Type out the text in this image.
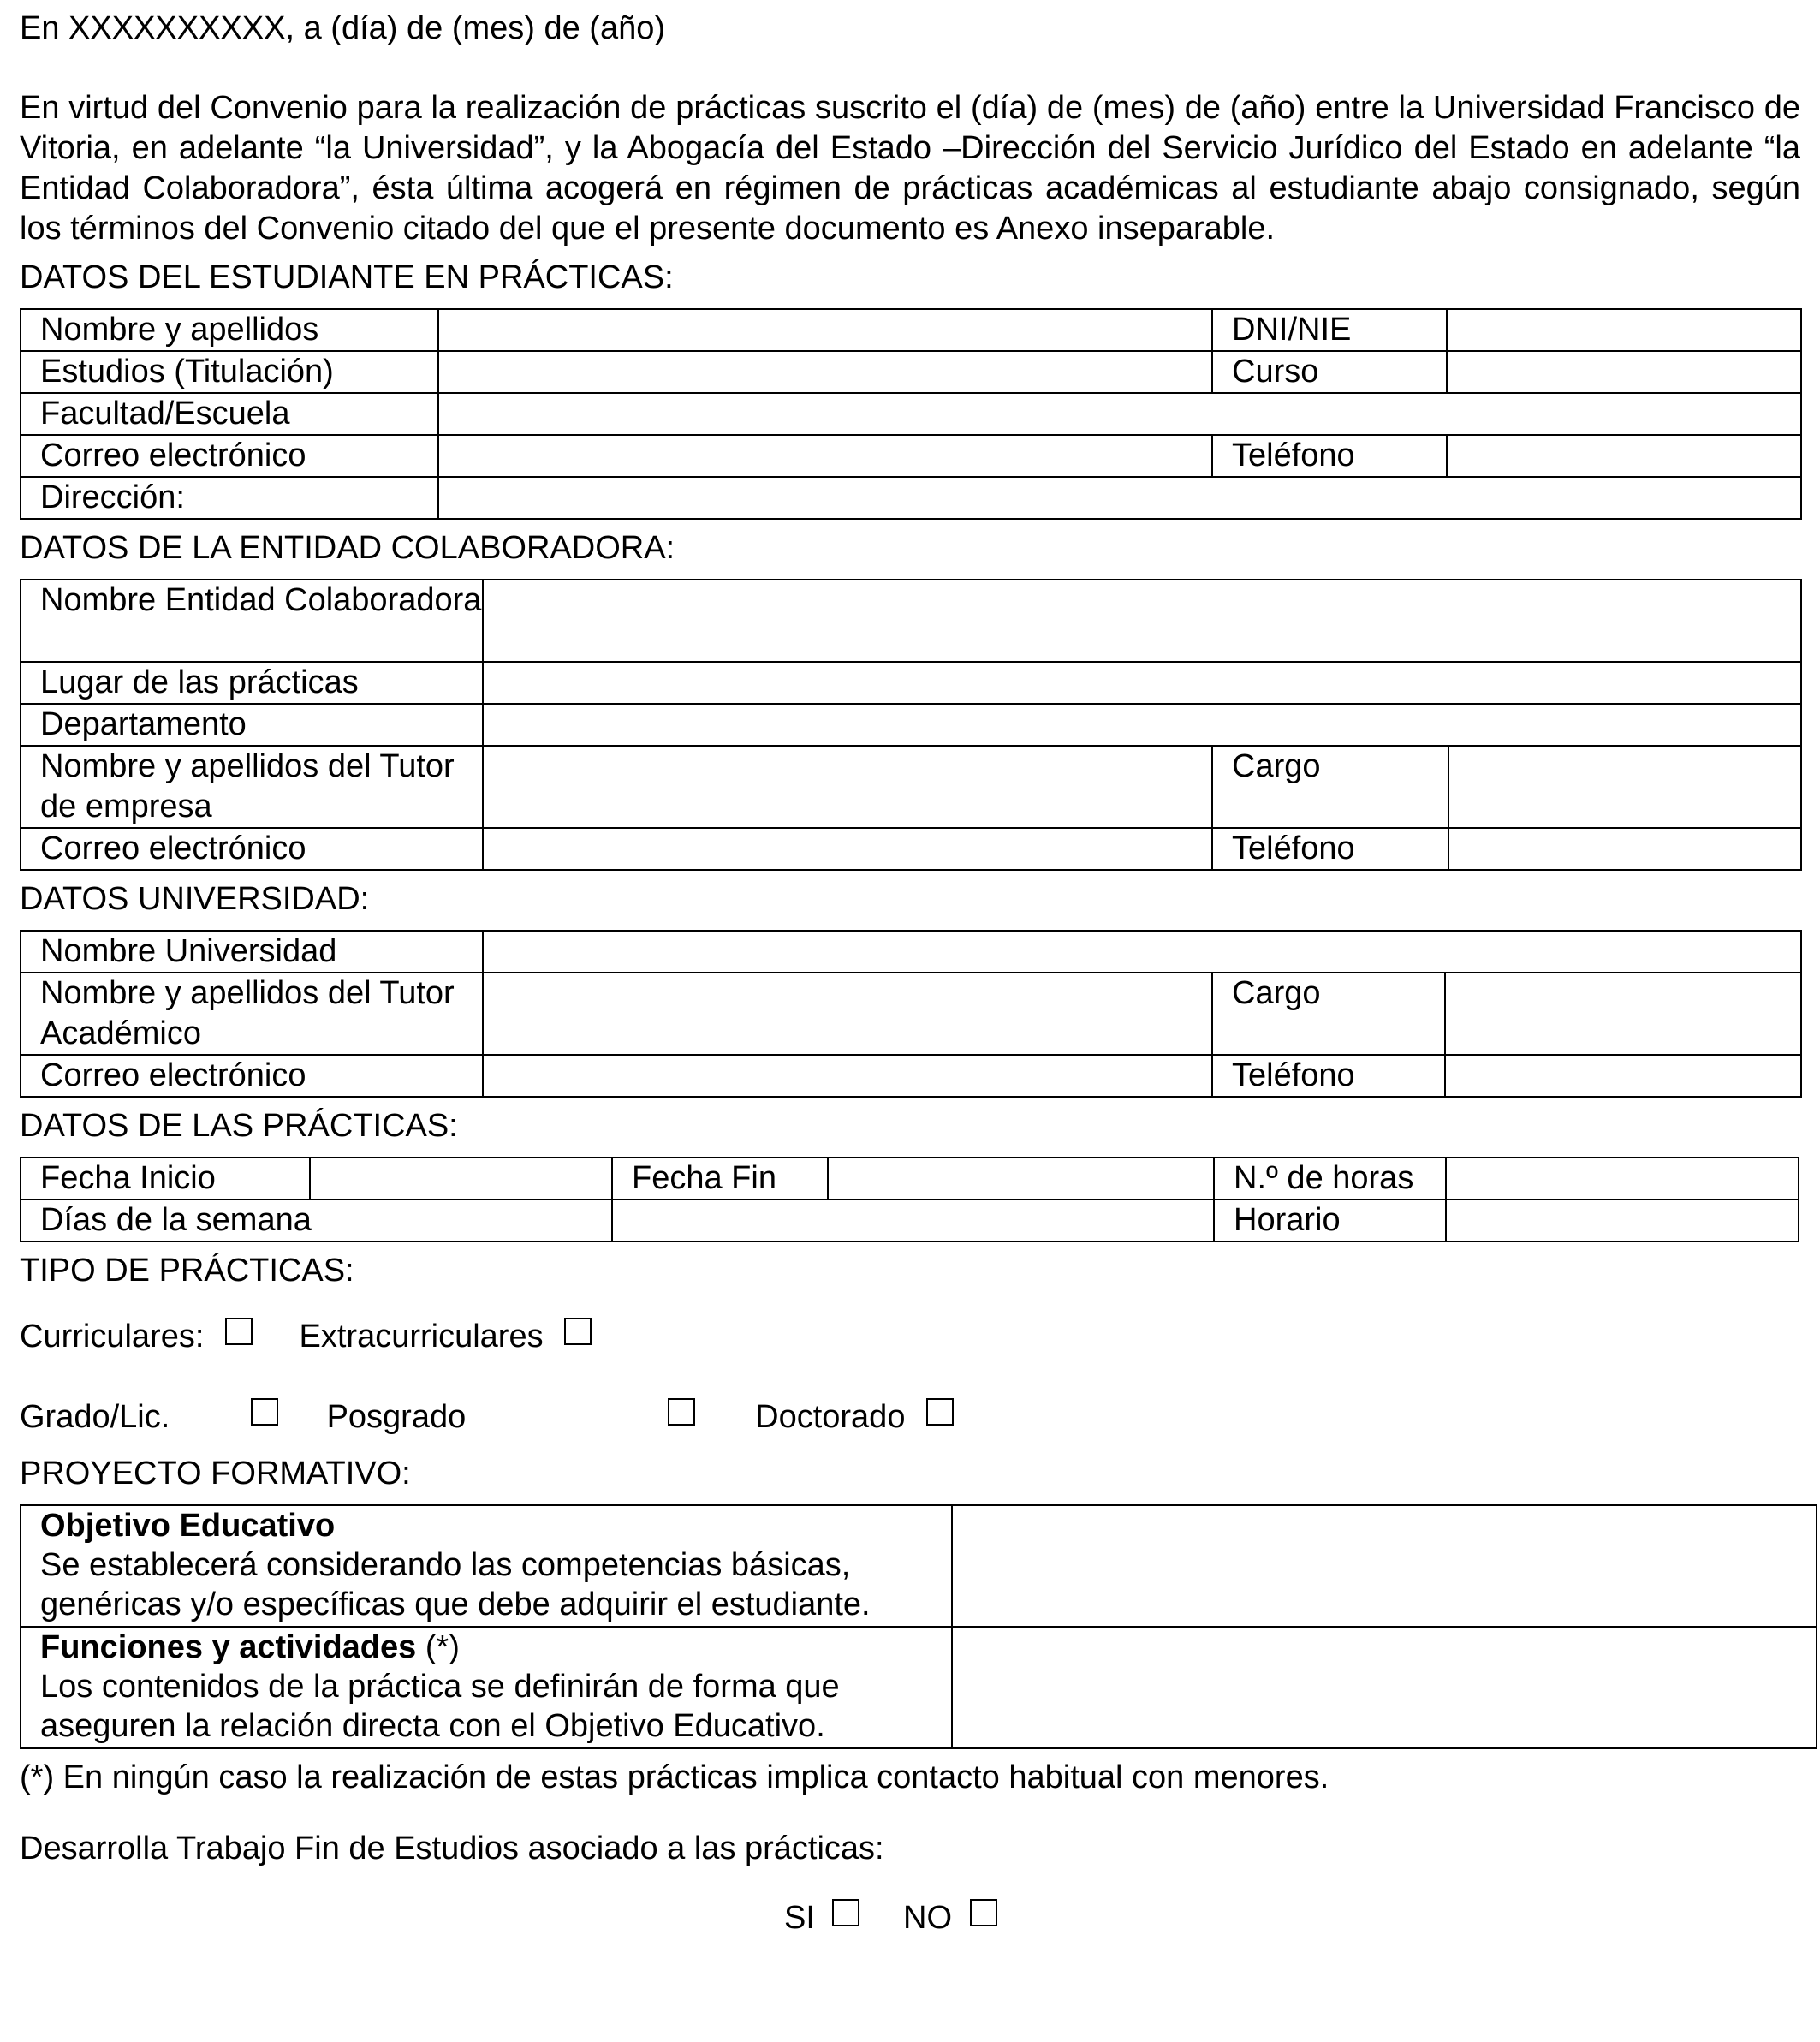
En XXXXXXXXXX, a (día) de (mes) de (año)

En virtud del Convenio para la realización de prácticas suscrito el (día) de (mes) de (año) entre la Universidad Francisco de Vitoria, en adelante “la Universidad”, y la Abogacía del Estado –Dirección del Servicio Jurídico del Estado en adelante “la Entidad Colaboradora”, ésta última acogerá en régimen de prácticas académicas al estudiante abajo consignado, según los términos del Convenio citado del que el presente documento es Anexo inseparable.

DATOS DEL ESTUDIANTE EN PRÁCTICAS:
Nombre y apellidos		DNI/NIE	
Estudios (Titulación)		Curso	
Facultad/Escuela			
Correo electrónico		Teléfono	
Dirección:			
DATOS DE LA ENTIDAD COLABORADORA:
Nombre Entidad Colaboradora			
Lugar de las prácticas			
Departamento			
Nombre y apellidos del Tutor de empresa		Cargo	
Correo electrónico		Teléfono	
DATOS UNIVERSIDAD:
Nombre Universidad			
Nombre y apellidos del Tutor Académico		Cargo	
Correo electrónico		Teléfono	
DATOS DE LAS PRÁCTICAS:
Fecha Inicio		Fecha Fin		N.º de horas	
Días de la semana				Horario	
TIPO DE PRÁCTICAS:
Curriculares:	Extracurriculares
Grado/Lic.	Posgrado	Doctorado
PROYECTO FORMATIVO:
Objetivo Educativo
Se establecerá considerando las competencias básicas, genéricas y/o específicas que debe adquirir el estudiante.	
Funciones y actividades (*)
Los contenidos de la práctica se definirán de forma que aseguren la relación directa con el Objetivo Educativo.	

(*) En ningún caso la realización de estas prácticas implica contacto habitual con menores.

Desarrolla Trabajo Fin de Estudios asociado a las prácticas:

SI	NO
